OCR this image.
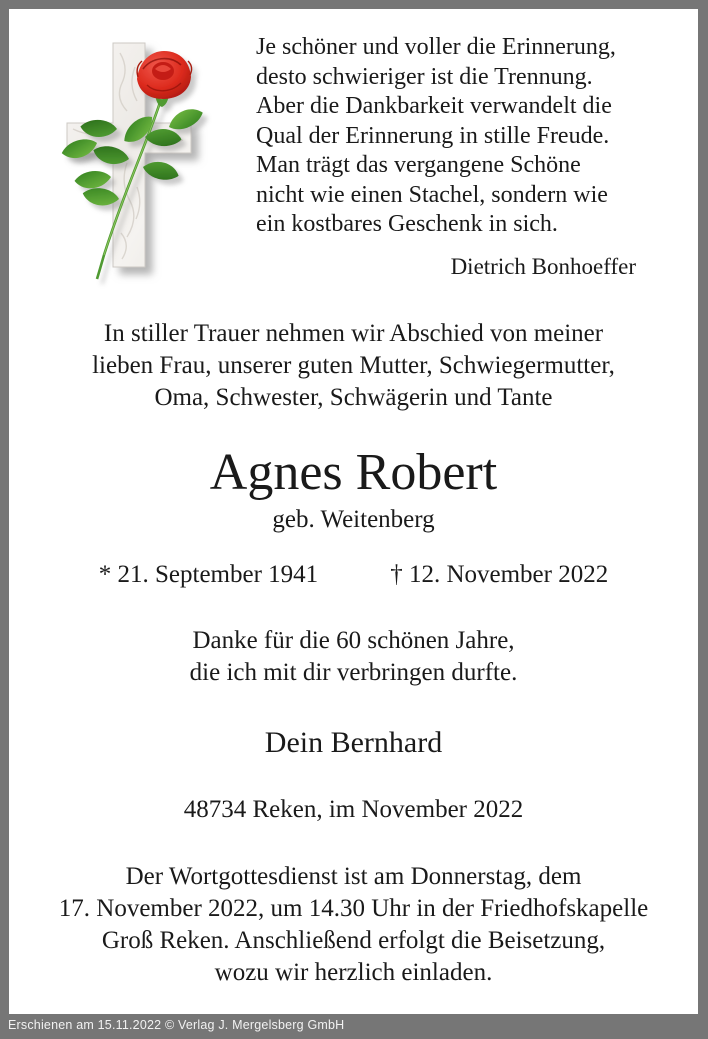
Je schöner und voller die Erinnerung,
desto schwieriger ist die Trennung.
Aber die Dankbarkeit verwandelt die
Qual der Erinnerung in stille Freude.
Man trägt das vergangene Schöne
nicht wie einen Stachel, sondern wie
ein kostbares Geschenk in sich.
Dietrich Bonhoeffer
In stiller Trauer nehmen wir Abschied von meiner
lieben Frau, unserer guten Mutter, Schwiegermutter,
Oma, Schwester, Schwägerin und Tante
Agnes Robert
geb. Weitenberg
* 21. September 1941	† 12. November 2022
Danke für die 60 schönen Jahre,
die ich mit dir verbringen durfte.
Dein Bernhard
48734 Reken, im November 2022
Der Wortgottesdienst ist am Donnerstag, dem
17. November 2022, um 14.30 Uhr in der Friedhofskapelle
Groß Reken. Anschließend erfolgt die Beisetzung,
wozu wir herzlich einladen.
Erschienen am 15.11.2022 © Verlag J. Mergelsberg GmbH
